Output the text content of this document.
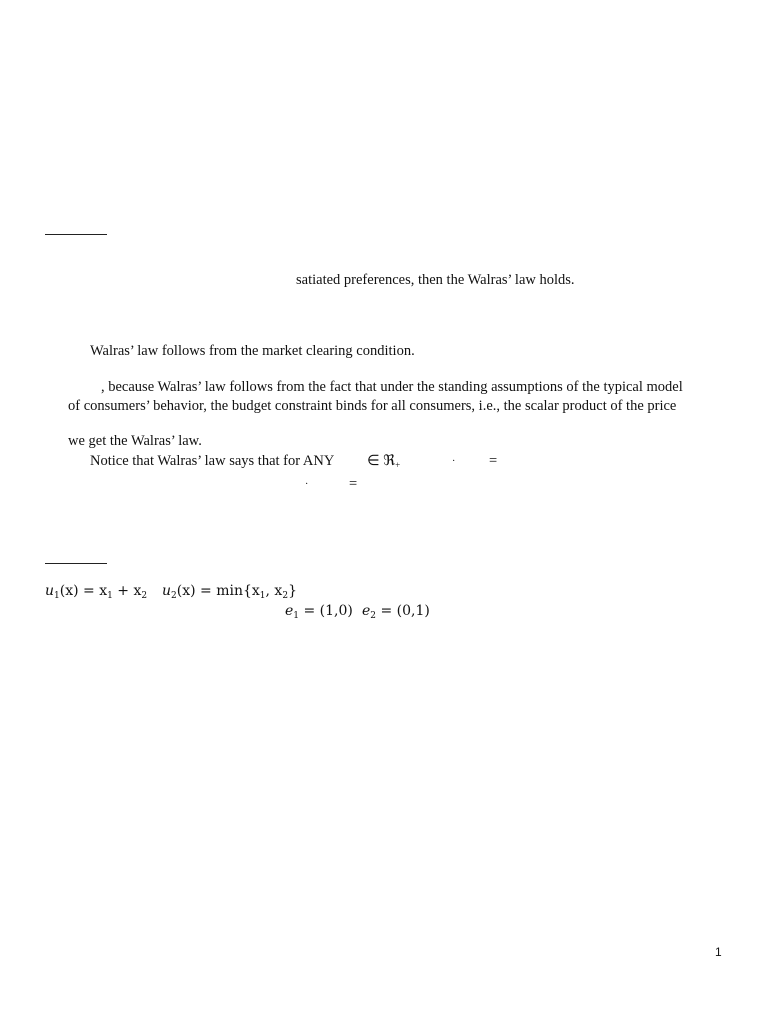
satiated preferences, then the Walras’ law holds.
Walras’ law follows from the market clearing condition.
, because Walras’ law follows from the fact that under the standing assumptions of the typical model
of consumers’ behavior, the budget constraint binds for all consumers, i.e., the scalar product of the price
we get the Walras’ law.
Notice that Walras’ law says that for ANY ∈ ℜ$_+$	· =
·	=
$u_1(x) = x_1 + x_2$ $u_2(x) = \min\{x_1$, $x_2$}
$e_1 = (1,0) e_2 = (0,1)$
1
